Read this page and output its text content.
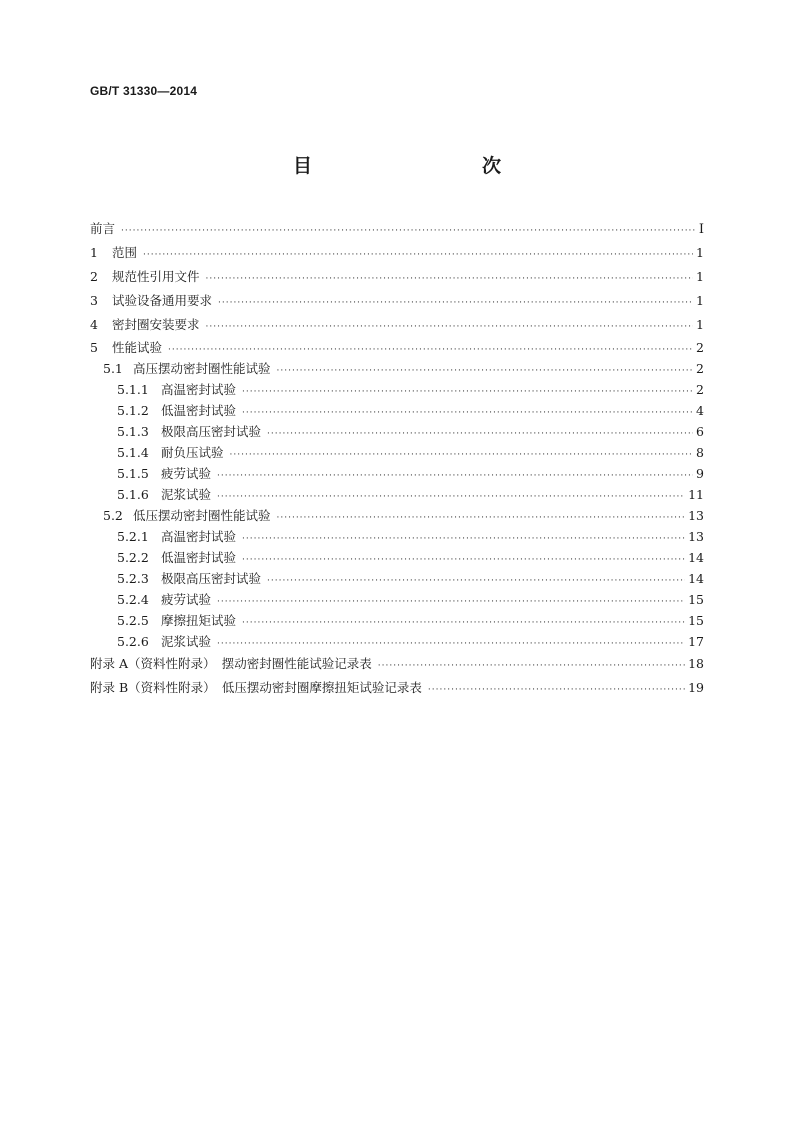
GB/T 31330—2014
目　　次
前言 ·····	Ⅰ
1	范围 ·····	1
2	规范性引用文件 ·····	1
3	试验设备通用要求 ·····	1
4	密封圈安装要求 ·····	1
5	性能试验 ·····	2
5.1 高压摆动密封圈性能试验 ·····	2
5.1.1 高温密封试验 ·····	2
5.1.2 低温密封试验 ·····	4
5.1.3 极限高压密封试验 ·····	6
5.1.4 耐负压试验 ·····	8
5.1.5 疲劳试验 ·····	9
5.1.6 泥浆试验 ·····	11
5.2 低压摆动密封圈性能试验 ·····	13
5.2.1 高温密封试验 ·····	13
5.2.2 低温密封试验 ·····	14
5.2.3 极限高压密封试验 ·····	14
5.2.4 疲劳试验 ·····	15
5.2.5 摩擦扭矩试验 ·····	15
5.2.6 泥浆试验 ·····	17
附录 A（资料性附录）　摆动密封圈性能试验记录表 ·····	18
附录 B（资料性附录）　低压摆动密封圈摩擦扭矩试验记录表 ·····	19
